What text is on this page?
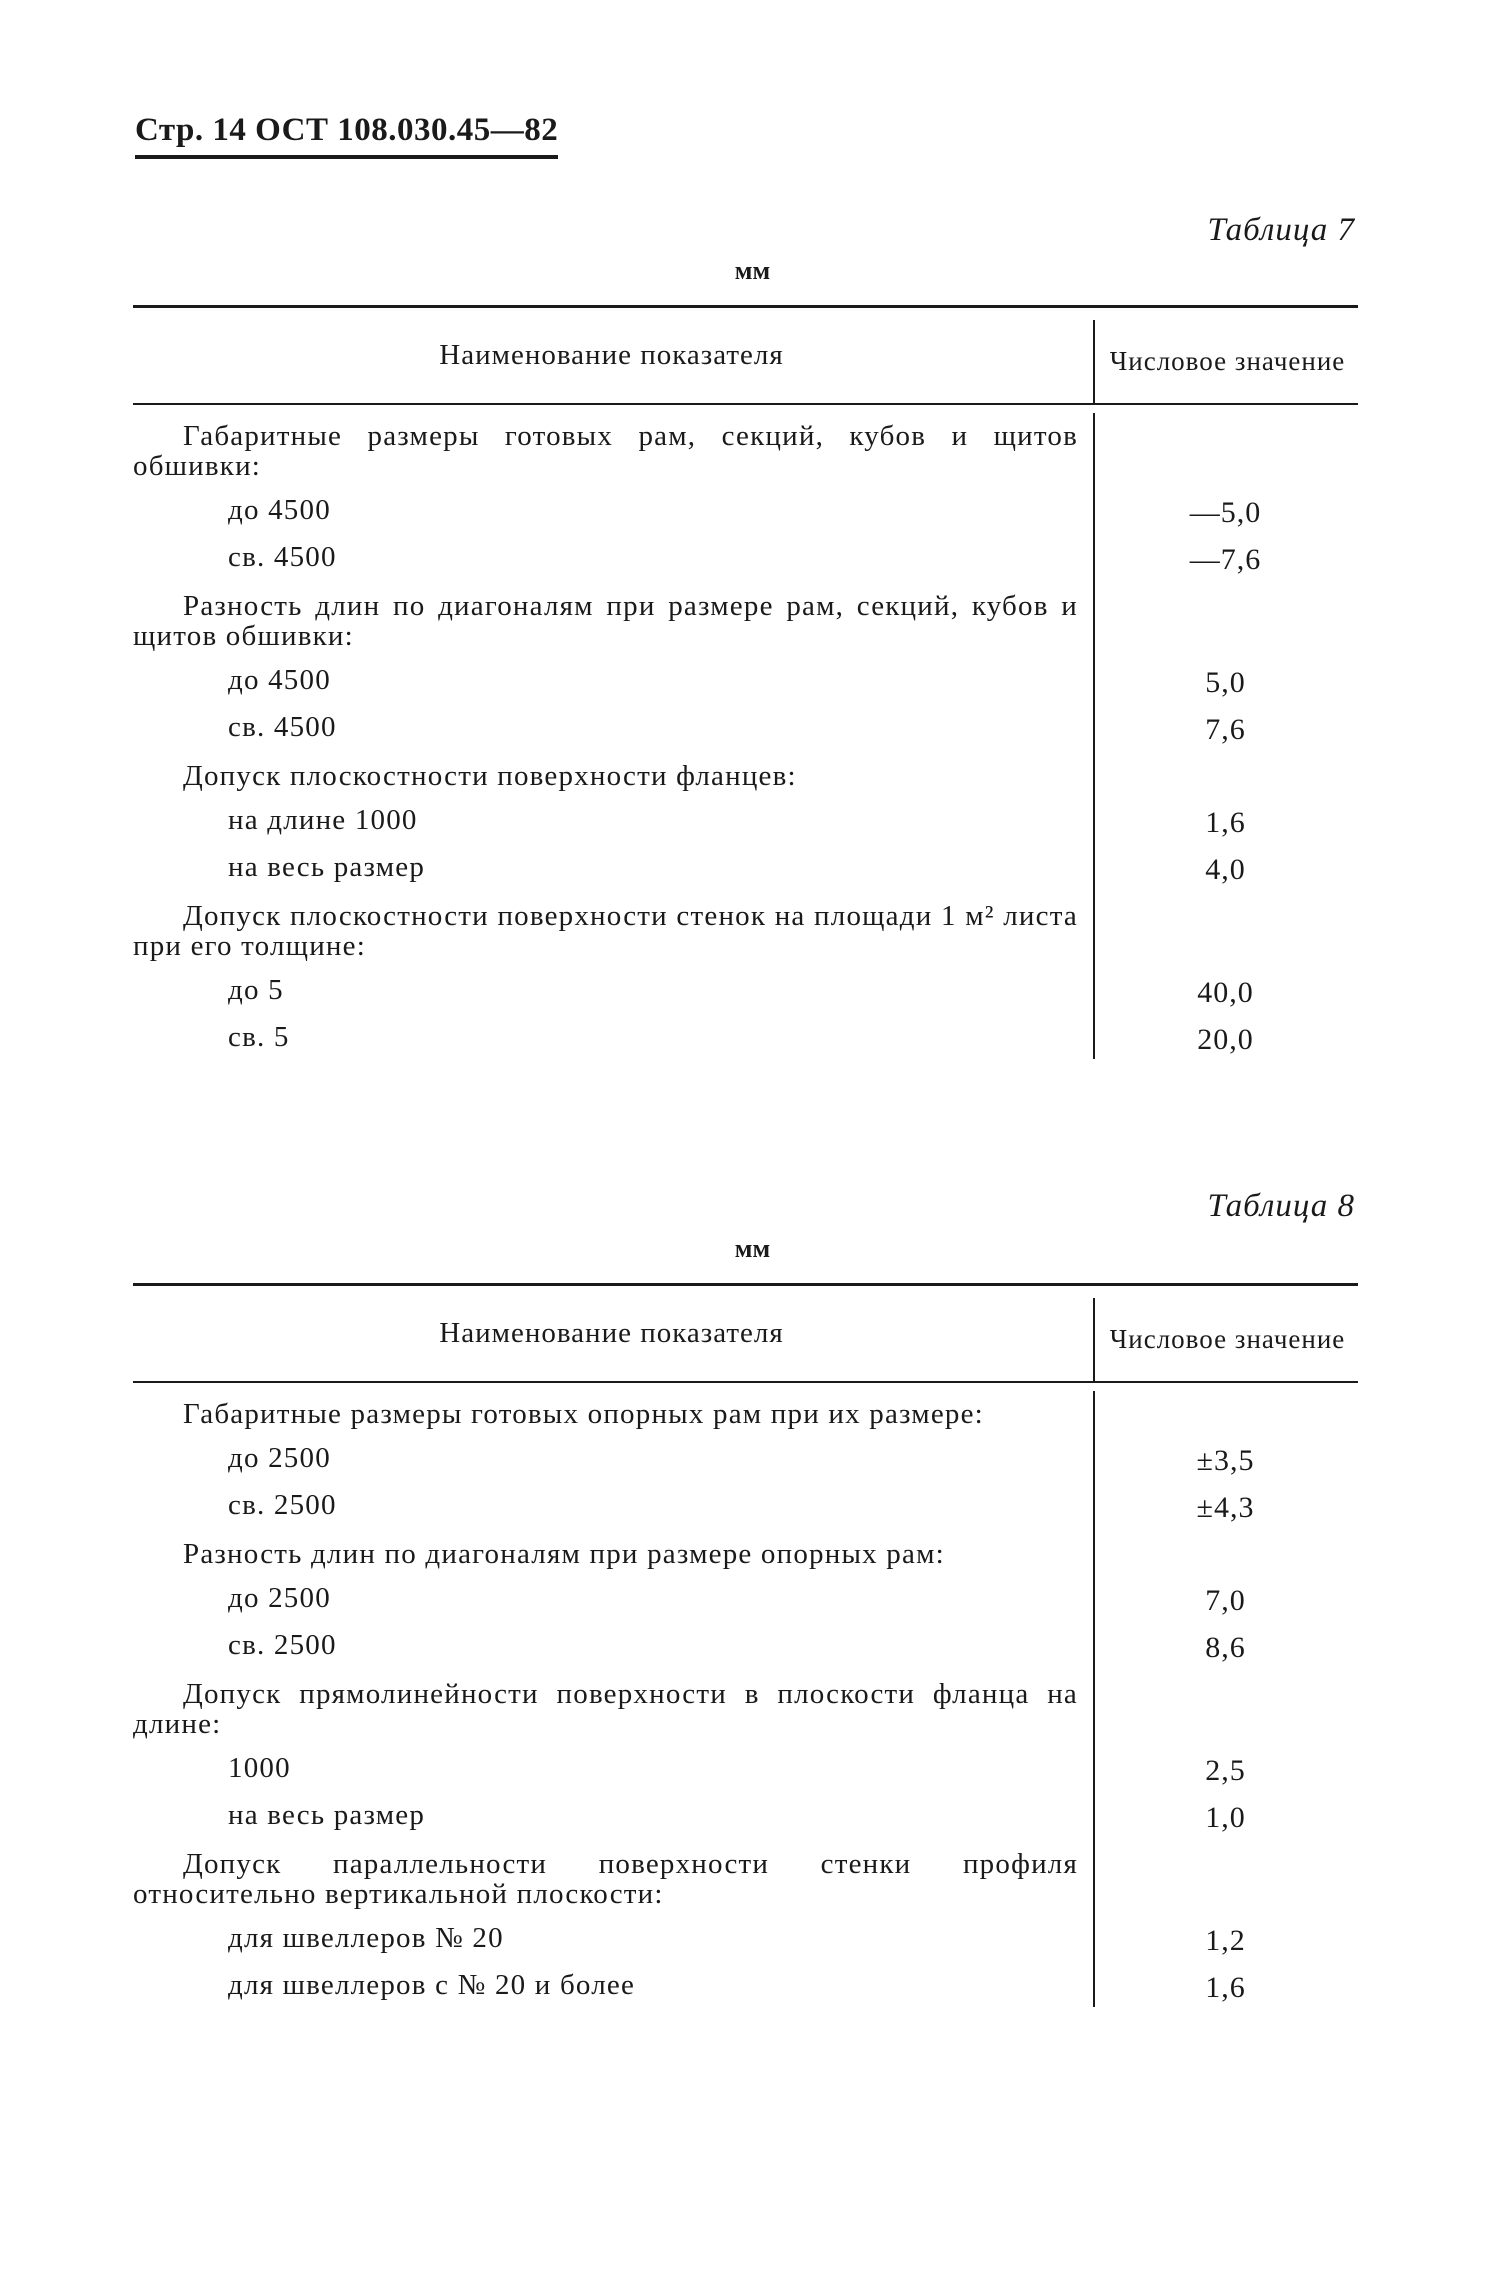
Стр. 14 ОСТ 108.030.45—82
Таблица 7
мм
Наименование показателя	Числовое значение
Габаритные размеры готовых рам, секций, кубов и щитов обшивки:
до 4500	—5,0
св. 4500	—7,6
Разность длин по диагоналям при размере рам, секций, кубов и щитов обшивки:
до 4500	5,0
св. 4500	7,6
Допуск плоскостности поверхности фланцев:
на длине 1000	1,6
на весь размер	4,0
Допуск плоскостности поверхности стенок на площади 1 м² листа при его толщине:
до 5	40,0
св. 5	20,0
Таблица 8
мм
Наименование показателя	Числовое значение
Габаритные размеры готовых опорных рам при их размере:
до 2500	±3,5
св. 2500	±4,3
Разность длин по диагоналям при размере опорных рам:
до 2500	7,0
св. 2500	8,6
Допуск прямолинейности поверхности в плоскости фланца на длине:
1000	2,5
на весь размер	1,0
Допуск параллельности поверхности стенки профиля относительно вертикальной плоскости:
для швеллеров № 20	1,2
для швеллеров с № 20 и более	1,6
